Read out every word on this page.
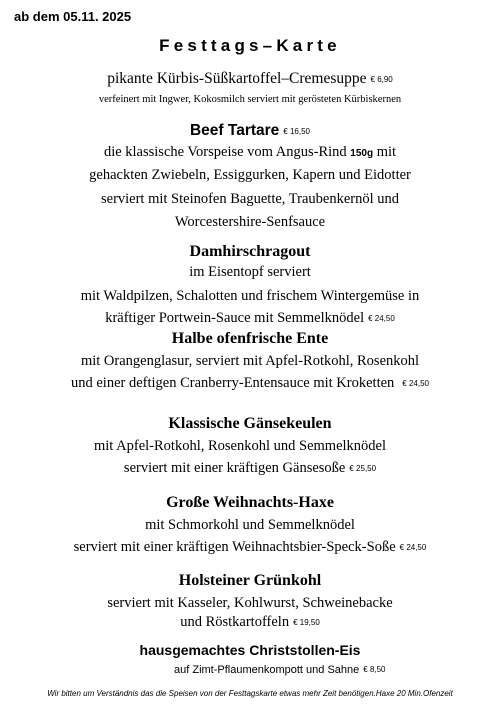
ab dem 05.11. 2025
Festtags–Karte
pikante Kürbis-Süßkartoffel–Cremesuppe € 6,90
verfeinert mit Ingwer, Kokosmilch serviert mit gerösteten Kürbiskernen
Beef Tartare € 16,50
die klassische Vorspeise vom Angus-Rind 150g mit
gehackten Zwiebeln, Essiggurken, Kapern und Eidotter
serviert mit Steinofen Baguette, Traubenkernöl und
Worcestershire-Senfsauce
Damhirschragout
im Eisentopf serviert
mit Waldpilzen, Schalotten und frischem Wintergemüse in
kräftiger Portwein-Sauce mit Semmelknödel € 24,50
Halbe ofenfrische Ente
mit Orangenglasur, serviert mit Apfel-Rotkohl, Rosenkohl
und einer deftigen Cranberry-Entensauce mit Kroketten € 24,50
Klassische Gänsekeulen
mit Apfel-Rotkohl, Rosenkohl und Semmelknödel
serviert mit einer kräftigen Gänsesoße € 25,50
Große Weihnachts-Haxe
mit Schmorkohl und Semmelknödel
serviert mit einer kräftigen Weihnachtsbier-Speck-Soße € 24,50
Holsteiner Grünkohl
serviert mit Kasseler, Kohlwurst, Schweinebacke
und Röstkartoffeln € 19,50
hausgemachtes Christstollen-Eis
auf Zimt-Pflaumenkompott und Sahne € 8,50
Wir bitten um Verständnis das die Speisen von der Festtagskarte etwas mehr Zeit benötigen.Haxe 20 Min.Ofenzeit
